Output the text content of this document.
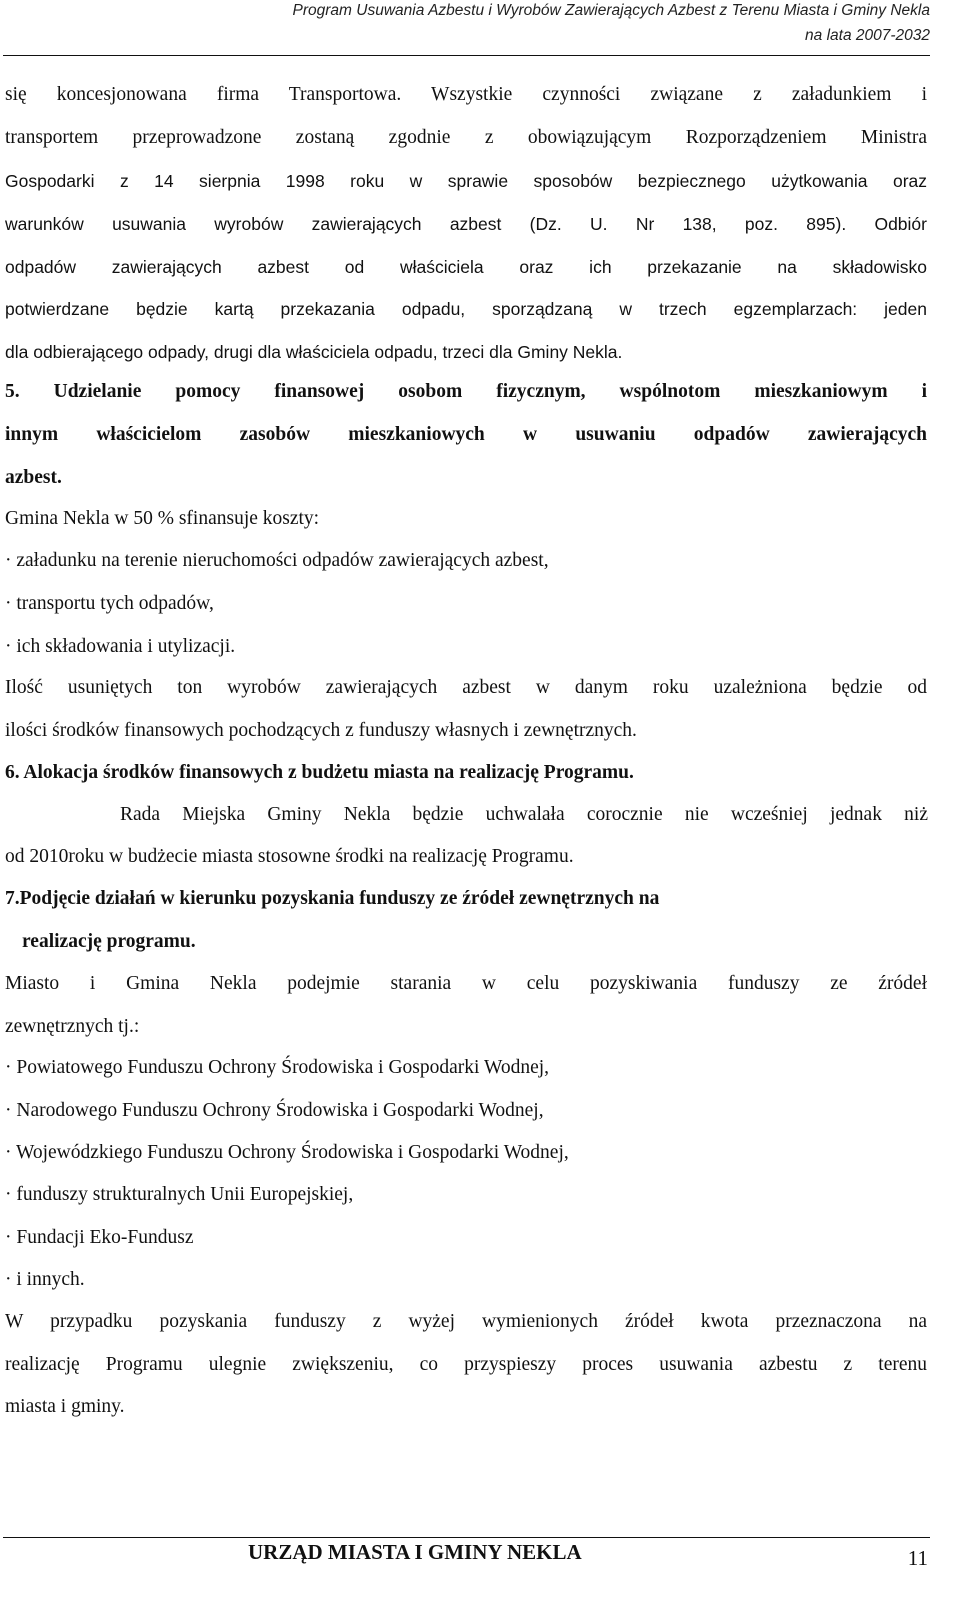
Program Usuwania Azbestu i Wyrobów Zawierających Azbest z Terenu Miasta i Gminy Nekla
na lata 2007-2032
się koncesjonowana firma Transportowa. Wszystkie czynności związane z załadunkiem i
transportem przeprowadzone zostaną zgodnie z obowiązującym Rozporządzeniem Ministra
Gospodarki z 14 sierpnia 1998 roku w sprawie sposobów bezpiecznego użytkowania oraz
warunków usuwania wyrobów zawierających azbest (Dz. U. Nr 138, poz. 895). Odbiór
odpadów zawierających azbest od właściciela oraz ich przekazanie na składowisko
potwierdzane będzie kartą przekazania odpadu, sporządzaną w trzech egzemplarzach: jeden
dla odbierającego odpady, drugi dla właściciela odpadu, trzeci dla Gminy Nekla.
5. Udzielanie pomocy finansowej osobom fizycznym, wspólnotom mieszkaniowym i
innym właścicielom zasobów mieszkaniowych w usuwaniu odpadów zawierających
azbest.
Gmina Nekla w 50 % sfinansuje koszty:
· załadunku na terenie nieruchomości odpadów zawierających azbest,
· transportu tych odpadów,
· ich składowania i utylizacji.
Ilość usuniętych ton wyrobów zawierających azbest w danym roku uzależniona będzie od
ilości środków finansowych pochodzących z funduszy własnych i zewnętrznych.
6. Alokacja środków finansowych z budżetu miasta na realizację Programu.
Rada Miejska Gminy Nekla będzie uchwalała corocznie nie wcześniej jednak niż
od 2010roku w budżecie miasta stosowne środki na realizację Programu.
7.Podjęcie działań w kierunku pozyskania funduszy ze źródeł zewnętrznych na
realizację programu.
Miasto i Gmina Nekla podejmie starania w celu pozyskiwania funduszy ze źródeł
zewnętrznych tj.:
· Powiatowego Funduszu Ochrony Środowiska i Gospodarki Wodnej,
· Narodowego Funduszu Ochrony Środowiska i Gospodarki Wodnej,
· Wojewódzkiego Funduszu Ochrony Środowiska i Gospodarki Wodnej,
· funduszy strukturalnych Unii Europejskiej,
· Fundacji Eko-Fundusz
· i innych.
W przypadku pozyskania funduszy z wyżej wymienionych źródeł kwota przeznaczona na
realizację Programu ulegnie zwiększeniu, co przyspieszy proces usuwania azbestu z terenu
miasta i gminy.
URZĄD MIASTA I GMINY NEKLA	11
